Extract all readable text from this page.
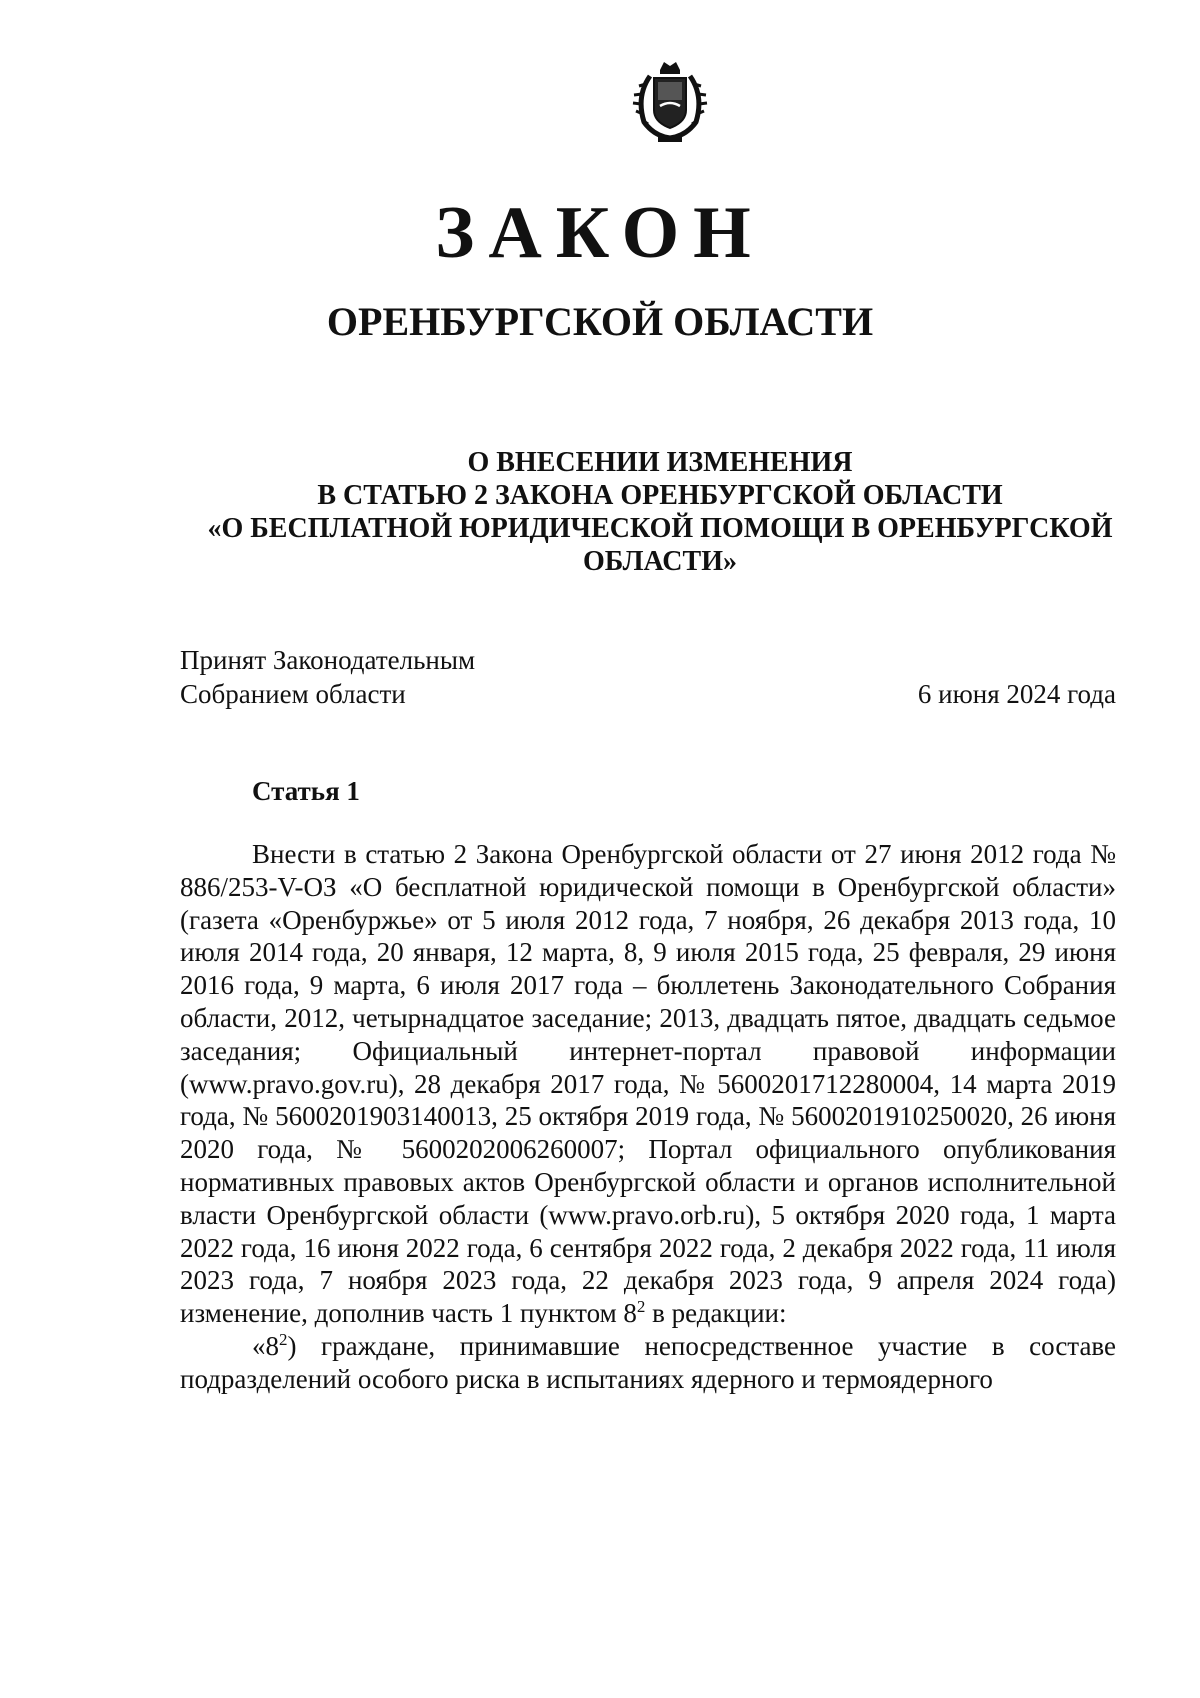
ЗАКОН
ОРЕНБУРГСКОЙ ОБЛАСТИ
О ВНЕСЕНИИ ИЗМЕНЕНИЯ
В СТАТЬЮ 2 ЗАКОНА ОРЕНБУРГСКОЙ ОБЛАСТИ
«О БЕСПЛАТНОЙ ЮРИДИЧЕСКОЙ ПОМОЩИ В ОРЕНБУРГСКОЙ
ОБЛАСТИ»
Принят Законодательным
Собранием области	6 июня 2024 года
Статья 1

Внести в статью 2 Закона Оренбургской области от 27 июня 2012 года № 886/253-V-ОЗ «О бесплатной юридической помощи в Оренбургской области» (газета «Оренбуржье» от 5 июля 2012 года, 7 ноября, 26 декабря 2013 года, 10 июля 2014 года, 20 января, 12 марта, 8, 9 июля 2015 года, 25 февраля, 29 июня 2016 года, 9 марта, 6 июля 2017 года – бюллетень Законодательного Собрания области, 2012, четырнадцатое заседание; 2013, двадцать пятое, двадцать седьмое заседания; Официальный интернет-портал правовой информации (www.pravo.gov.ru), 28 декабря 2017 года, № 5600201712280004, 14 марта 2019 года, № 5600201903140013, 25 октября 2019 года, № 5600201910250020, 26 июня 2020 года, № 5600202006260007; Портал официального опубликования нормативных правовых актов Оренбургской области и органов исполнительной власти Оренбургской области (www.pravo.orb.ru), 5 октября 2020 года, 1 марта 2022 года, 16 июня 2022 года, 6 сентября 2022 года, 2 декабря 2022 года, 11 июля 2023 года, 7 ноября 2023 года, 22 декабря 2023 года, 9 апреля 2024 года) изменение, дополнив часть 1 пунктом $8^2$ в редакции:

«$8^2$) граждане, принимавшие непосредственное участие в составе подразделений особого риска в испытаниях ядерного и термоядерного
